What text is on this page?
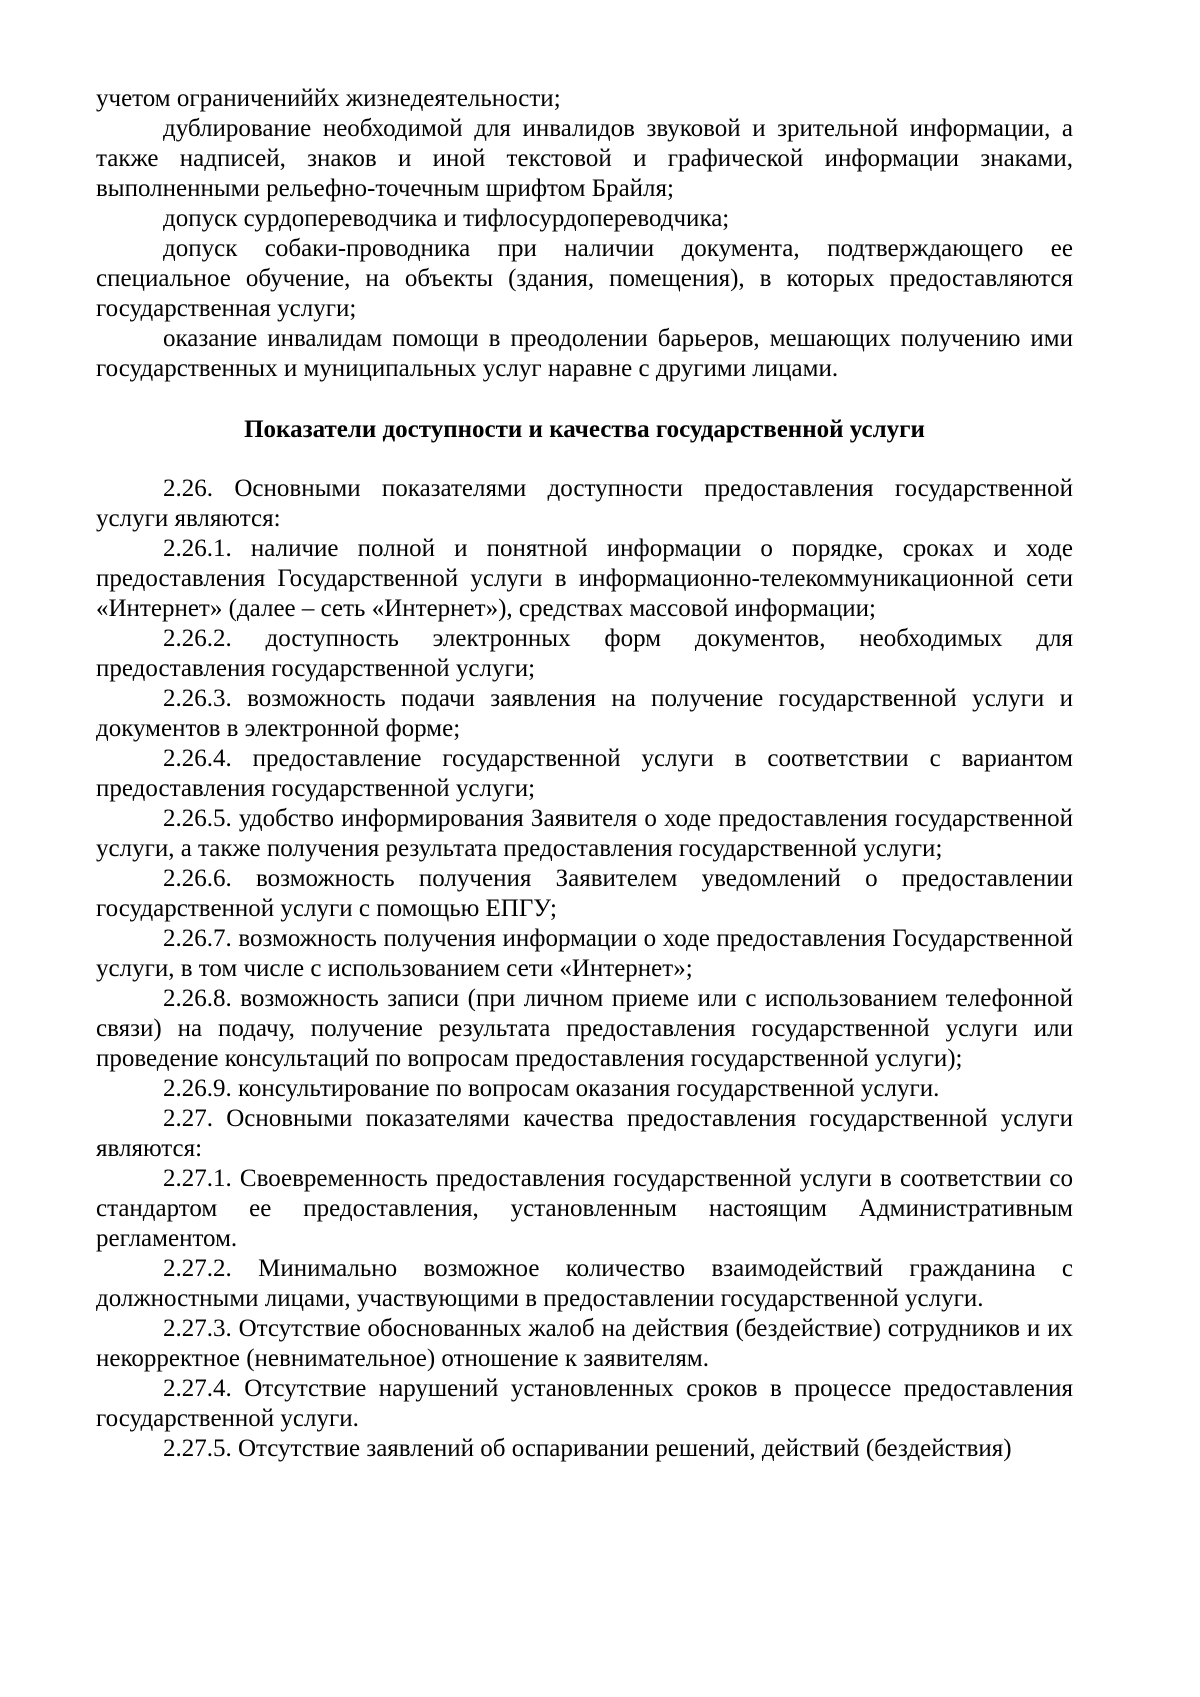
учетом ограничениййх жизнедеятельности;

дублирование необходимой для инвалидов звуковой и зрительной информации, а также надписей, знаков и иной текстовой и графической информации знаками, выполненными рельефно-точечным шрифтом Брайля;

допуск сурдопереводчика и тифлосурдопереводчика;

допуск собаки-проводника при наличии документа, подтверждающего ее специальное обучение, на объекты (здания, помещения), в которых предоставляются государственная услуги;

оказание инвалидам помощи в преодолении барьеров, мешающих получению ими государственных и муниципальных услуг наравне с другими лицами.

Показатели доступности и качества государственной услуги

2.26. Основными показателями доступности предоставления государственной услуги являются:

2.26.1. наличие полной и понятной информации о порядке, сроках и ходе предоставления Государственной услуги в информационно-телекоммуникационной сети «Интернет» (далее – сеть «Интернет»), средствах массовой информации;

2.26.2. доступность электронных форм документов, необходимых для предоставления государственной услуги;

2.26.3. возможность подачи заявления на получение государственной услуги и документов в электронной форме;

2.26.4. предоставление государственной услуги в соответствии с вариантом предоставления государственной услуги;

2.26.5. удобство информирования Заявителя о ходе предоставления государственной услуги, а также получения результата предоставления государственной услуги;

2.26.6. возможность получения Заявителем уведомлений о предоставлении государственной услуги с помощью ЕПГУ;

2.26.7. возможность получения информации о ходе предоставления Государственной услуги, в том числе с использованием сети «Интернет»;

2.26.8. возможность записи (при личном приеме или с использованием телефонной связи) на подачу, получение результата предоставления государственной услуги или проведение консультаций по вопросам предоставления государственной услуги);

2.26.9. консультирование по вопросам оказания государственной услуги.

2.27. Основными показателями качества предоставления государственной услуги являются:

2.27.1. Своевременность предоставления государственной услуги в соответствии со стандартом ее предоставления, установленным настоящим Административным регламентом.

2.27.2. Минимально возможное количество взаимодействий гражданина с должностными лицами, участвующими в предоставлении государственной услуги.

2.27.3. Отсутствие обоснованных жалоб на действия (бездействие) сотрудников и их некорректное (невнимательное) отношение к заявителям.

2.27.4. Отсутствие нарушений установленных сроков в процессе предоставления государственной услуги.

2.27.5. Отсутствие заявлений об оспаривании решений, действий (бездействия)
